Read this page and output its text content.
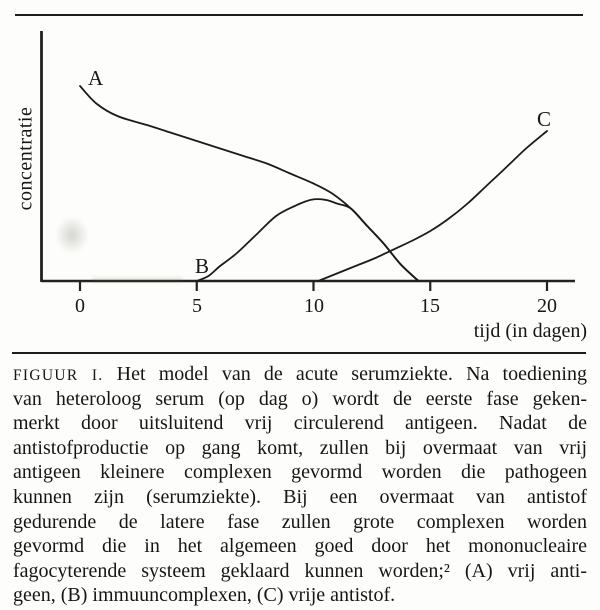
concentratie
A
B
C
0	5	10	15	20
tijd (in dagen)
FIGUUR I. Het model van de acute serumziekte. Na toediening
van heteroloog serum (op dag o) wordt de eerste fase geken-
merkt door uitsluitend vrij circulerend antigeen. Nadat de
antistofproductie op gang komt, zullen bij overmaat van vrij
antigeen kleinere complexen gevormd worden die pathogeen
kunnen zijn (serumziekte). Bij een overmaat van antistof
gedurende de latere fase zullen grote complexen worden
gevormd die in het algemeen goed door het mononucleaire
fagocyterende systeem geklaard kunnen worden;² (A) vrij anti-
geen, (B) immuuncomplexen, (C) vrije antistof.
